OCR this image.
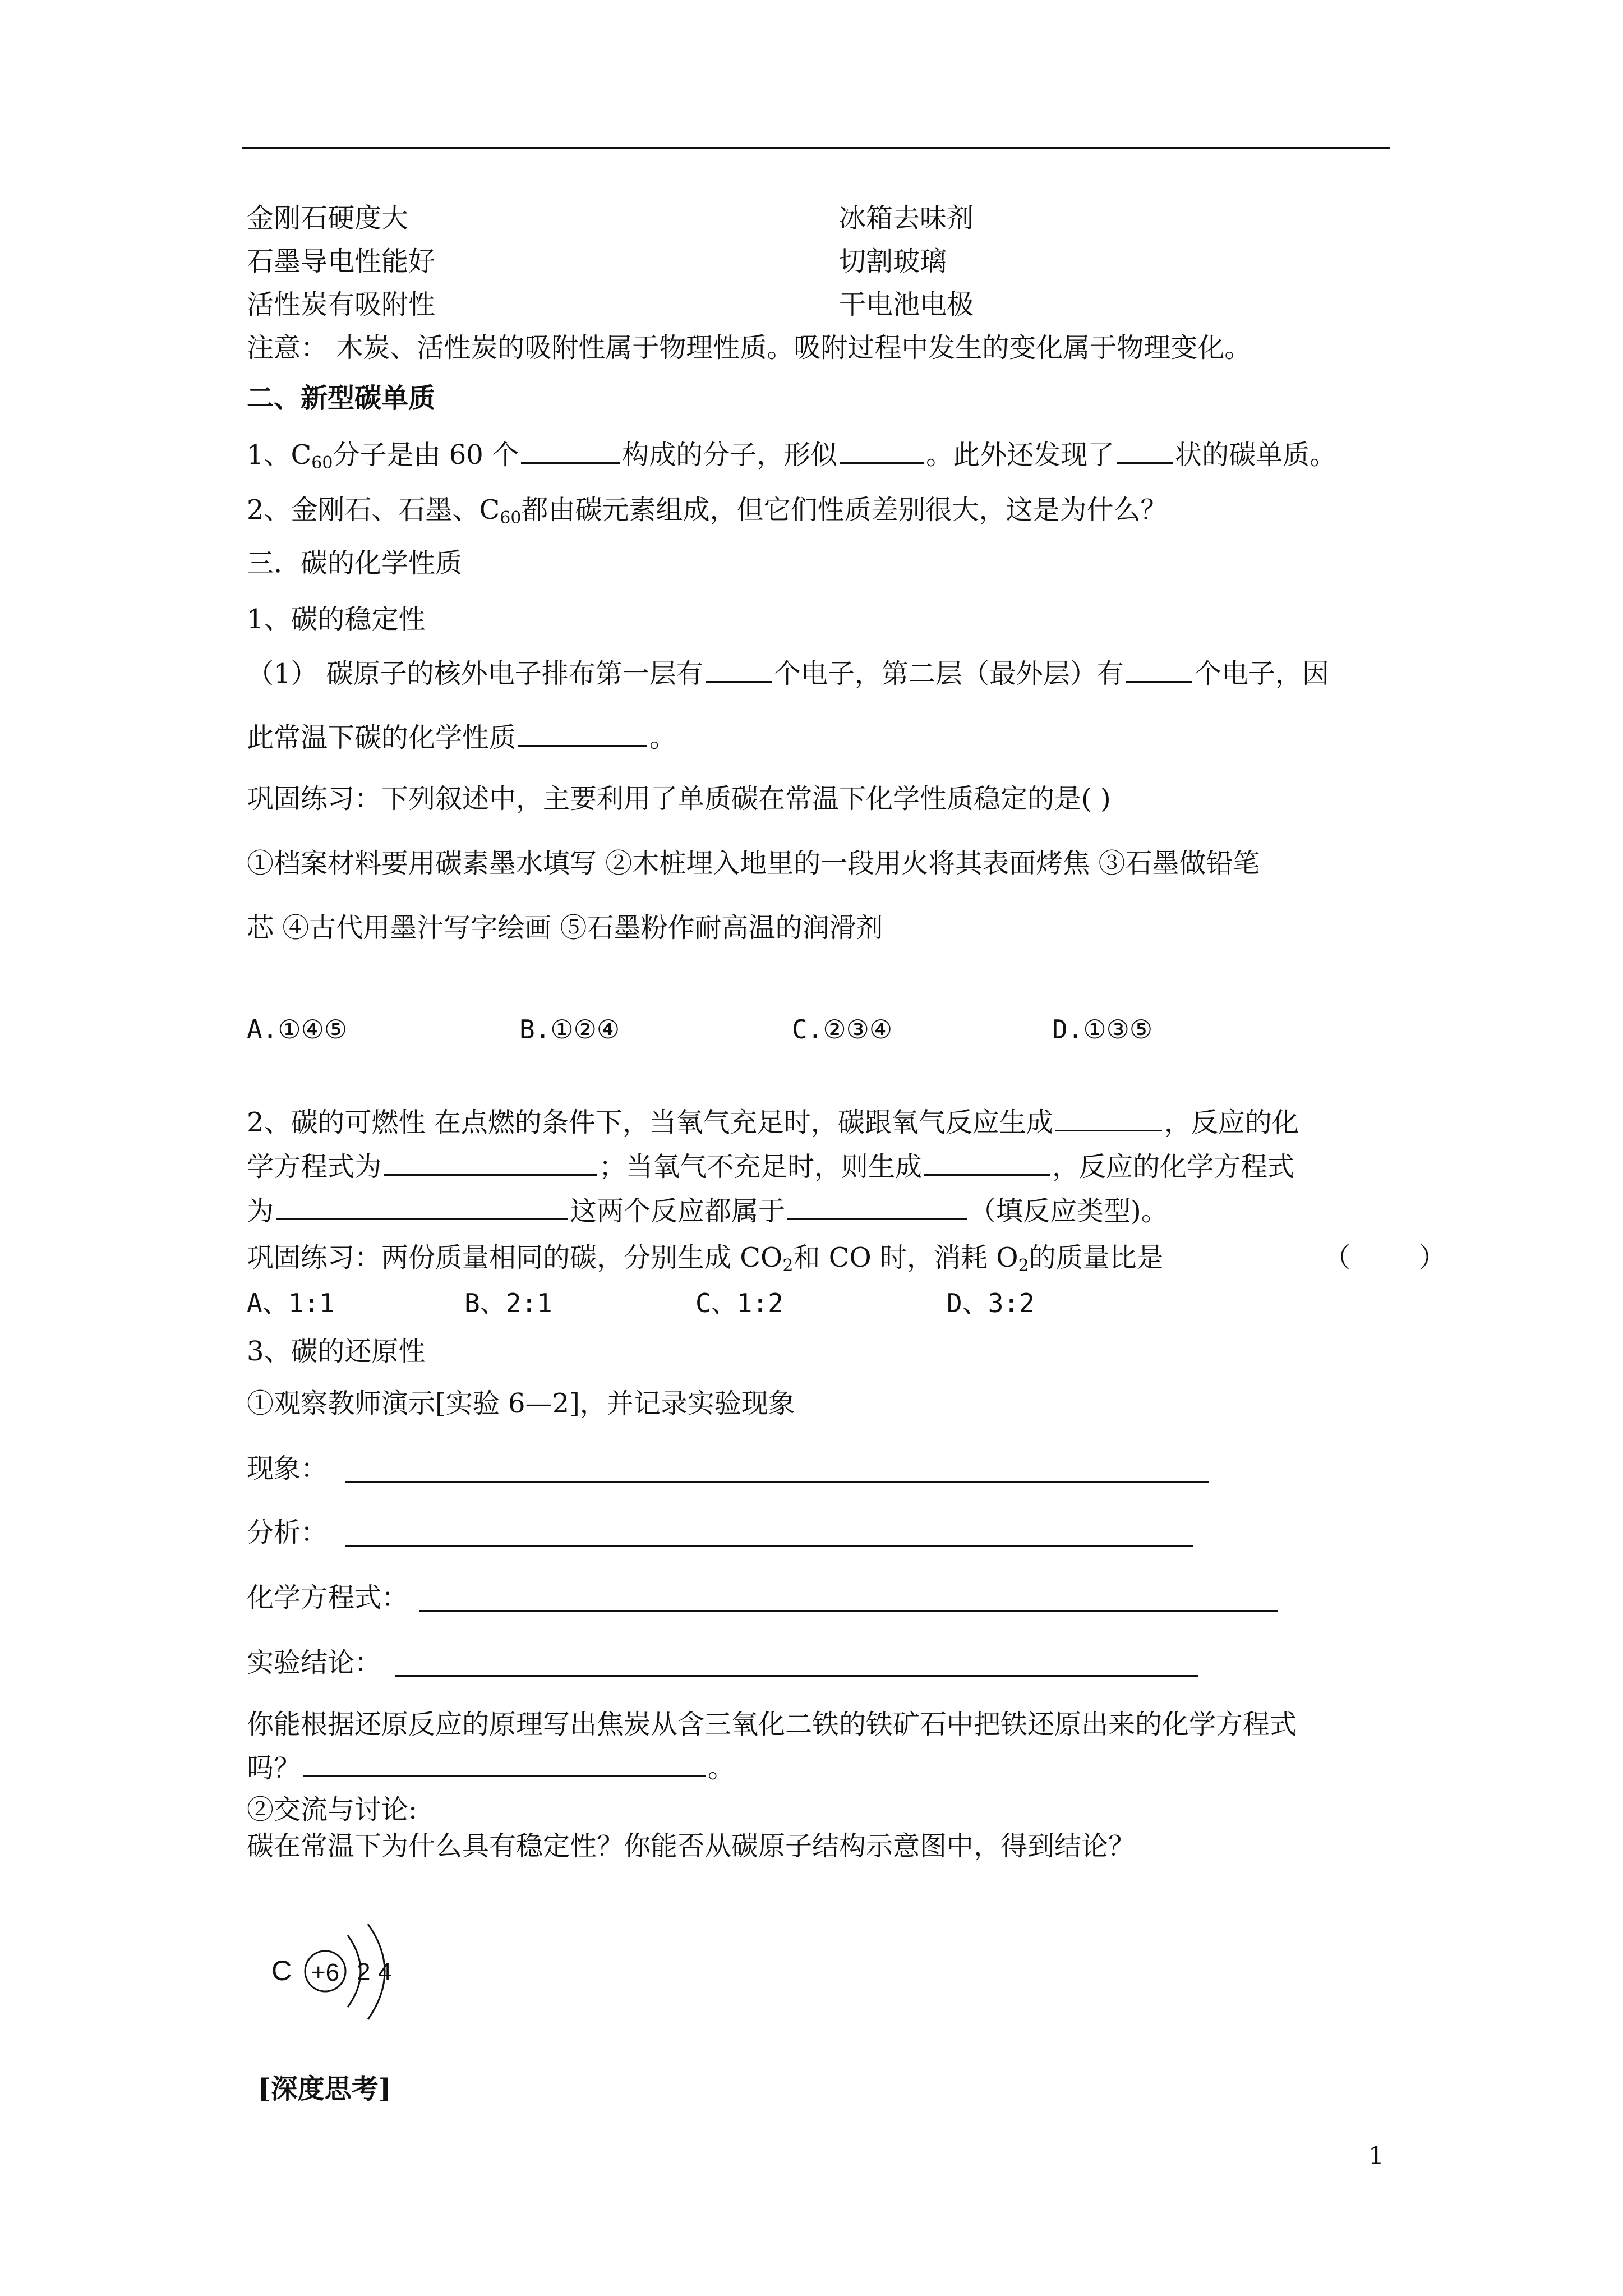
金刚石硬度大	冰箱去味剂
石墨导电性能好	切割玻璃
活性炭有吸附性	干电池电极
注意： 木炭、活性炭的吸附性属于物理性质。吸附过程中发生的变化属于物理变化。
二、新型碳单质
1、$C_{60}$分子是由 60 个	构成的分子，形似	。此外还发现了 状的碳单质。
2、金刚石、石墨、$C_{60}$都由碳元素组成，但它们性质差别很大，这是为什么？
三．碳的化学性质
1、碳的稳定性
（1） 碳原子的核外电子排布第一层有	个电子，第二层（最外层）有	个电子，因
此常温下碳的化学性质	。
巩固练习：下列叙述中，主要利用了单质碳在常温下化学性质稳定的是( )
①档案材料要用碳素墨水填写 ②木桩埋入地里的一段用火将其表面烤焦 ③石墨做铅笔
芯 ④古代用墨汁写字绘画 ⑤石墨粉作耐高温的润滑剂
A.①④⑤	B.①②④	C.②③④	D.①③⑤
2、碳的可燃性 在点燃的条件下，当氧气充足时，碳跟氧气反应生成	，反应的化
学方程式为	；当氧气不充足时，则生成	，反应的化学方程式
为	这两个反应都属于	（填反应类型)。
巩固练习：两份质量相同的碳，分别生成 $CO_2$和 CO 时，消耗 $O_2$的质量比是	（	）
A、1:1	B、2:1	C、1:2	D、3:2
3、碳的还原性
①观察教师演示[实验 6—2]，并记录实验现象
现象：
分析：
化学方程式：
实验结论：
你能根据还原反应的原理写出焦炭从含三氧化二铁的铁矿石中把铁还原出来的化学方程式
吗？	。
②交流与讨论:
碳在常温下为什么具有稳定性？你能否从碳原子结构示意图中，得到结论？
C +6 2 4
[深度思考]
1
